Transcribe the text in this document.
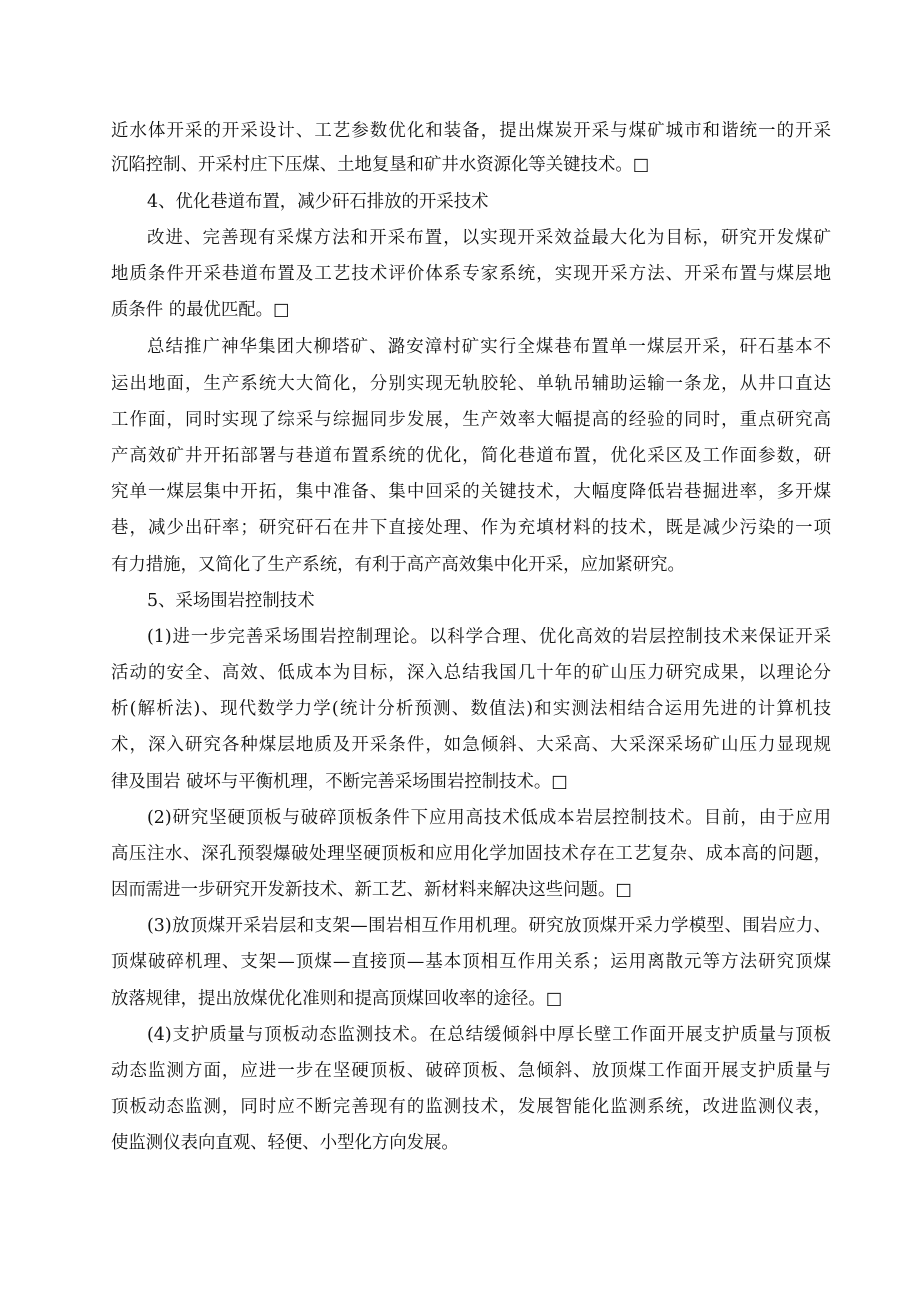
近水体开采的开采设计、工艺参数优化和装备，提出煤炭开采与煤矿城市和谐统一的开采
沉陷控制、开采村庄下压煤、土地复垦和矿井水资源化等关键技术。□
4、优化巷道布置，减少矸石排放的开采技术
改进、完善现有采煤方法和开采布置，以实现开采效益最大化为目标，研究开发煤矿
地质条件开采巷道布置及工艺技术评价体系专家系统，实现开采方法、开采布置与煤层地
质条件 的最优匹配。□
总结推广神华集团大柳塔矿、潞安漳村矿实行全煤巷布置单一煤层开采，矸石基本不
运出地面，生产系统大大简化，分别实现无轨胶轮、单轨吊辅助运输一条龙，从井口直达
工作面，同时实现了综采与综掘同步发展，生产效率大幅提高的经验的同时，重点研究高
产高效矿井开拓部署与巷道布置系统的优化，简化巷道布置，优化采区及工作面参数，研
究单一煤层集中开拓，集中准备、集中回采的关键技术，大幅度降低岩巷掘进率，多开煤
巷，减少出矸率；研究矸石在井下直接处理、作为充填材料的技术，既是减少污染的一项
有力措施，又简化了生产系统，有利于高产高效集中化开采，应加紧研究。
5、采场围岩控制技术
(1)进一步完善采场围岩控制理论。以科学合理、优化高效的岩层控制技术来保证开采
活动的安全、高效、低成本为目标，深入总结我国几十年的矿山压力研究成果，以理论分
析(解析法)、现代数学力学(统计分析预测、数值法)和实测法相结合运用先进的计算机技
术，深入研究各种煤层地质及开采条件，如急倾斜、大采高、大采深采场矿山压力显现规
律及围岩 破坏与平衡机理，不断完善采场围岩控制技术。□
(2)研究坚硬顶板与破碎顶板条件下应用高技术低成本岩层控制技术。目前，由于应用
高压注水、深孔预裂爆破处理坚硬顶板和应用化学加固技术存在工艺复杂、成本高的问题，
因而需进一步研究开发新技术、新工艺、新材料来解决这些问题。□
(3)放顶煤开采岩层和支架—围岩相互作用机理。研究放顶煤开采力学模型、围岩应力、
顶煤破碎机理、支架—顶煤—直接顶—基本顶相互作用关系；运用离散元等方法研究顶煤
放落规律，提出放煤优化准则和提高顶煤回收率的途径。□
(4)支护质量与顶板动态监测技术。在总结缓倾斜中厚长壁工作面开展支护质量与顶板
动态监测方面，应进一步在坚硬顶板、破碎顶板、急倾斜、放顶煤工作面开展支护质量与
顶板动态监测，同时应不断完善现有的监测技术，发展智能化监测系统，改进监测仪表，
使监测仪表向直观、轻便、小型化方向发展。
